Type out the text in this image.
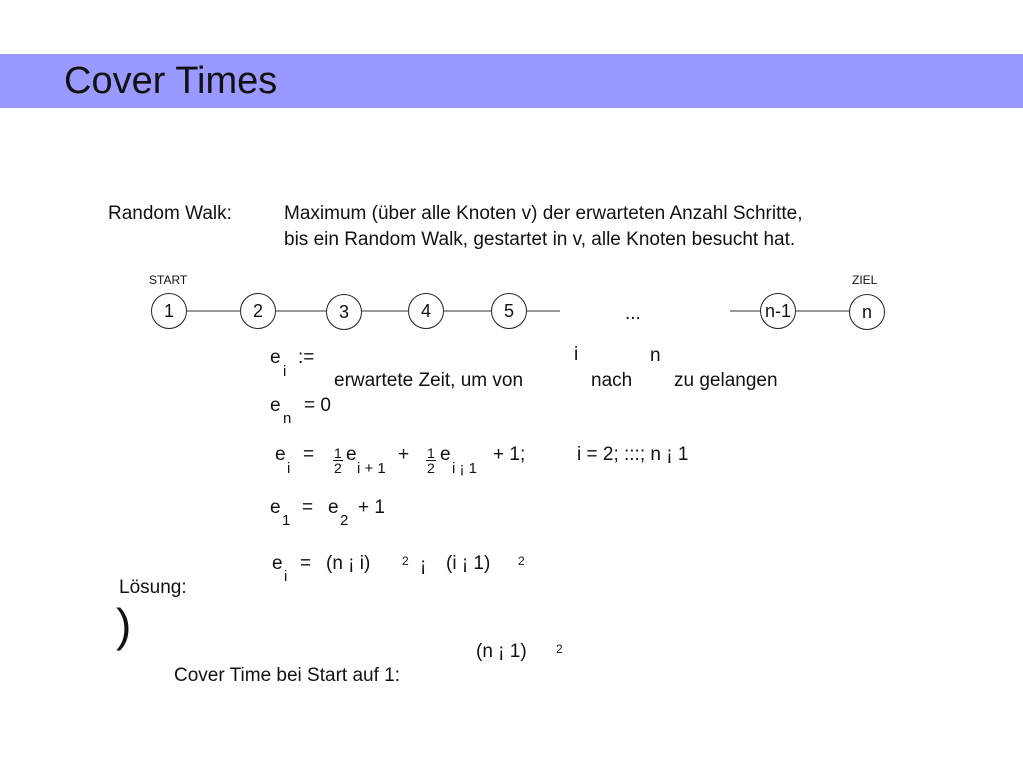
Cover Times
Random Walk:	Maximum (über alle Knoten v) der erwarteten Anzahl Schritte,
bis ein Random Walk, gestartet in v, alle Knoten besucht hat.
START	ZIEL
1	2	3	4	5	...	n-1	n
e
i
:=	i	n
erwartete Zeit, um von	nach zu gelangen
e
n
= 0
e
i
= $\frac{1}{2}$ e
i + 1
+ $\frac{1}{2}$ e
i ¡ 1
+ 1;	i = 2; :::; n ¡ 1
e
1
= e
2
+ 1
e
i
= (n ¡ i)	2 ¡ (i ¡ 1) 2
Lösung:
)
(n ¡ 1) 2
Cover Time bei Start auf 1:
